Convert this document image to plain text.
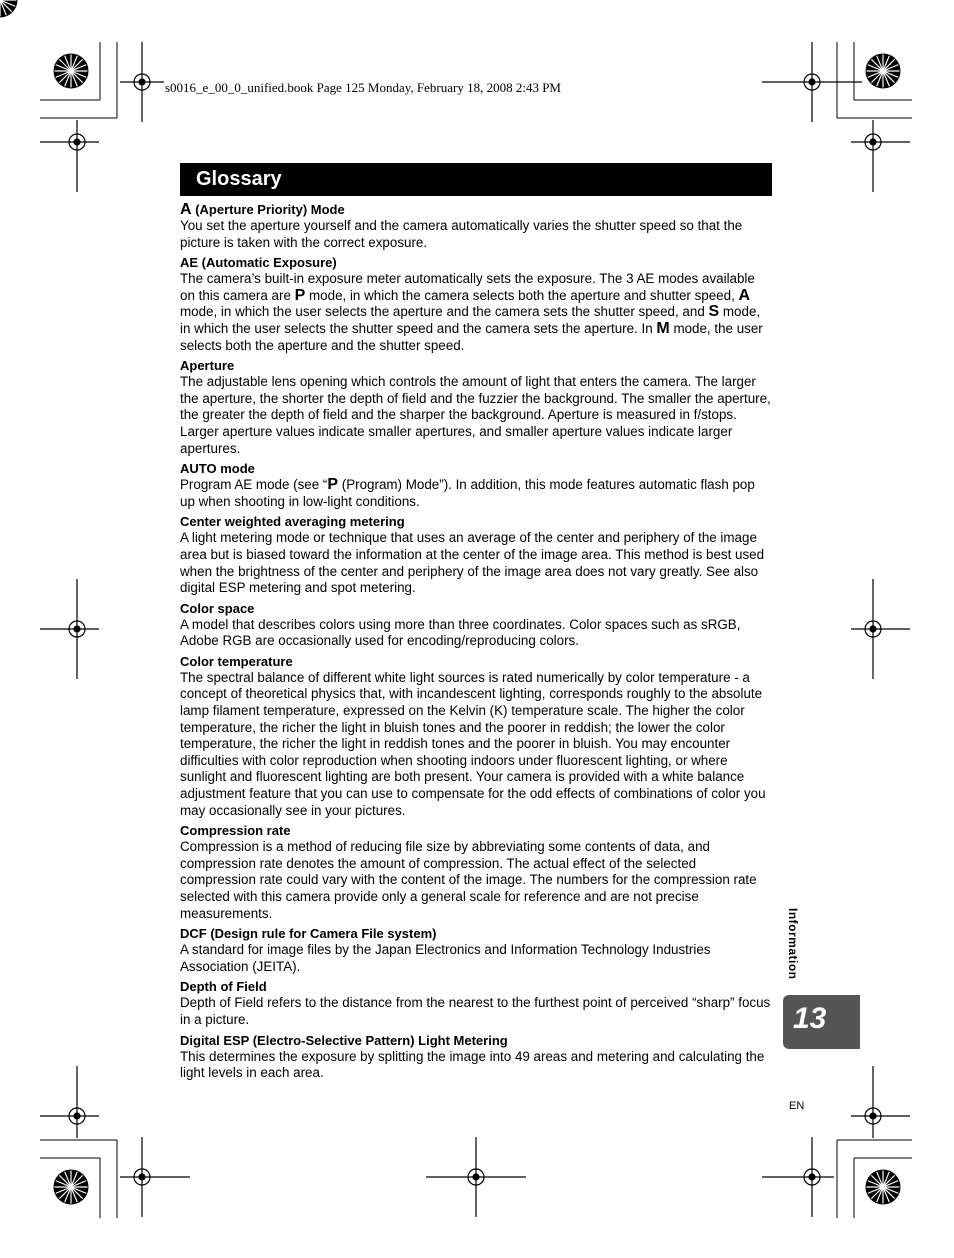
s0016_e_00_0_unified.book Page 125 Monday, February 18, 2008 2:43 PM
Glossary
A (Aperture Priority) Mode
You set the aperture yourself and the camera automatically varies the shutter speed so that the picture is taken with the correct exposure.
AE (Automatic Exposure)
The camera’s built-in exposure meter automatically sets the exposure. The 3 AE modes available on this camera are P mode, in which the camera selects both the aperture and shutter speed, A mode, in which the user selects the aperture and the camera sets the shutter speed, and S mode, in which the user selects the shutter speed and the camera sets the aperture. In M mode, the user selects both the aperture and the shutter speed.
Aperture
The adjustable lens opening which controls the amount of light that enters the camera. The larger the aperture, the shorter the depth of field and the fuzzier the background. The smaller the aperture, the greater the depth of field and the sharper the background. Aperture is measured in f/stops. Larger aperture values indicate smaller apertures, and smaller aperture values indicate larger apertures.
AUTO mode
Program AE mode (see “P (Program) Mode”). In addition, this mode features automatic flash pop up when shooting in low-light conditions.
Center weighted averaging metering
A light metering mode or technique that uses an average of the center and periphery of the image area but is biased toward the information at the center of the image area. This method is best used when the brightness of the center and periphery of the image area does not vary greatly. See also digital ESP metering and spot metering.
Color space
A model that describes colors using more than three coordinates. Color spaces such as sRGB, Adobe RGB are occasionally used for encoding/reproducing colors.
Color temperature
The spectral balance of different white light sources is rated numerically by color temperature - a concept of theoretical physics that, with incandescent lighting, corresponds roughly to the absolute lamp filament temperature, expressed on the Kelvin (K) temperature scale. The higher the color temperature, the richer the light in bluish tones and the poorer in reddish; the lower the color temperature, the richer the light in reddish tones and the poorer in bluish. You may encounter difficulties with color reproduction when shooting indoors under fluorescent lighting, or where sunlight and fluorescent lighting are both present. Your camera is provided with a white balance adjustment feature that you can use to compensate for the odd effects of combinations of color you may occasionally see in your pictures.
Compression rate
Compression is a method of reducing file size by abbreviating some contents of data, and compression rate denotes the amount of compression. The actual effect of the selected compression rate could vary with the content of the image. The numbers for the compression rate selected with this camera provide only a general scale for reference and are not precise measurements.
DCF (Design rule for Camera File system)
A standard for image files by the Japan Electronics and Information Technology Industries Association (JEITA).
Depth of Field
Depth of Field refers to the distance from the nearest to the furthest point of perceived “sharp” focus in a picture.
Digital ESP (Electro-Selective Pattern) Light Metering
This determines the exposure by splitting the image into 49 areas and metering and calculating the light levels in each area.
Information
13
EN
